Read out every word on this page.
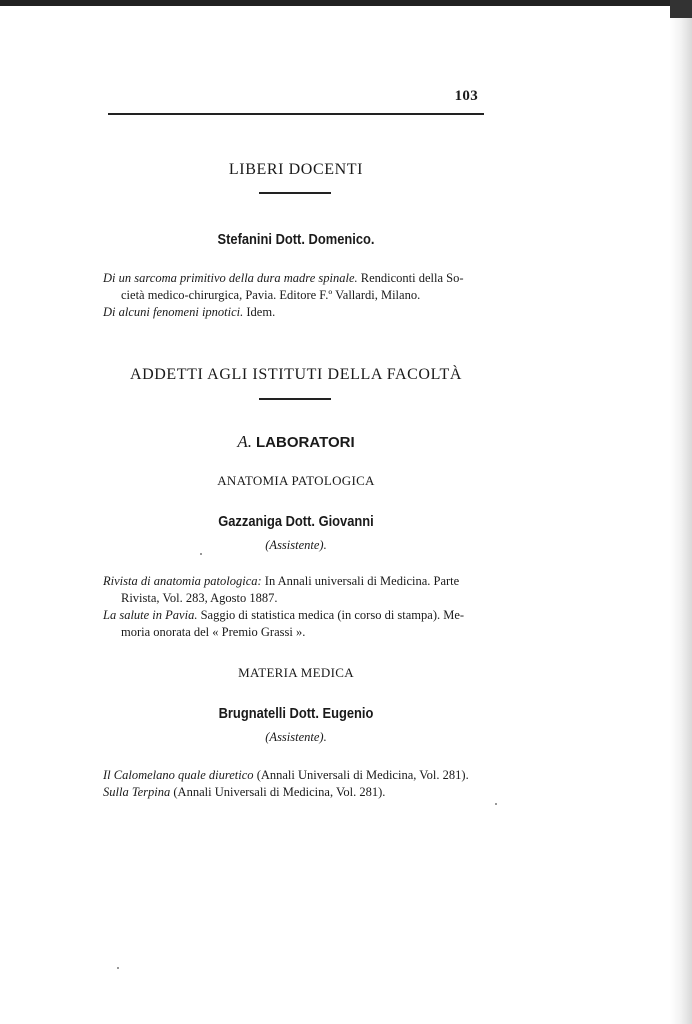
103
LIBERI DOCENTI
Stefanini Dott. Domenico.
Di un sarcoma primitivo della dura madre spinale. Rendiconti della So-
cietà medico-chirurgica, Pavia. Editore F.º Vallardi, Milano.
Di alcuni fenomeni ipnotici. Idem.
ADDETTI AGLI ISTITUTI DELLA FACOLTÀ
A. LABORATORI
ANATOMIA PATOLOGICA
Gazzaniga Dott. Giovanni
(Assistente).
Rivista di anatomia patologica: In Annali universali di Medicina. Parte
Rivista, Vol. 283, Agosto 1887.
La salute in Pavia. Saggio di statistica medica (in corso di stampa). Me-
moria onorata del « Premio Grassi ».
MATERIA MEDICA
Brugnatelli Dott. Eugenio
(Assistente).
Il Calomelano quale diuretico (Annali Universali di Medicina, Vol. 281).
Sulla Terpina (Annali Universali di Medicina, Vol. 281).
